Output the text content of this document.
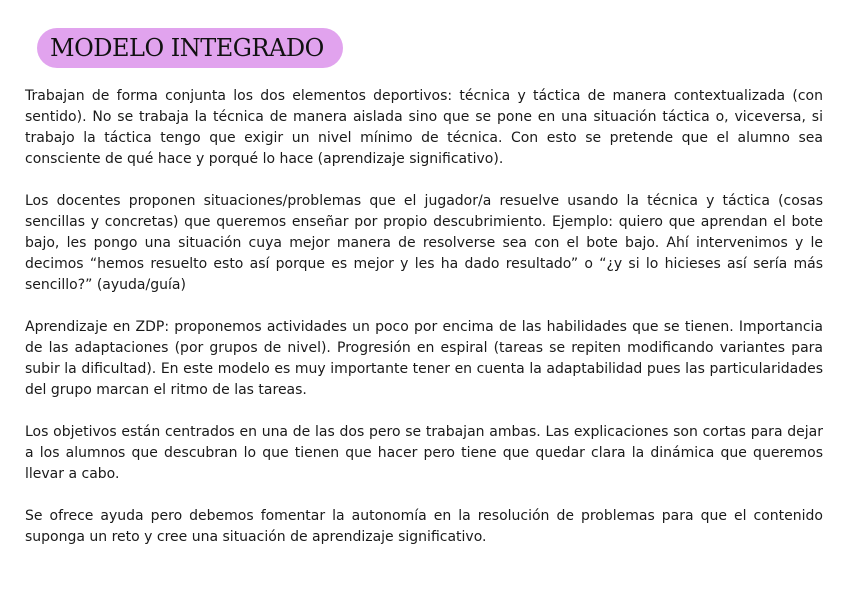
MODELO INTEGRADO

Trabajan de forma conjunta los dos elementos deportivos: técnica y táctica de manera contextualizada (con sentido). No se trabaja la técnica de manera aislada sino que se pone en una situación táctica o, viceversa, si trabajo la táctica tengo que exigir un nivel mínimo de técnica. Con esto se pretende que el alumno sea consciente de qué hace y porqué lo hace (aprendizaje significativo).

Los docentes proponen situaciones/problemas que el jugador/a resuelve usando la técnica y táctica (cosas sencillas y concretas) que queremos enseñar por propio descubrimiento. Ejemplo: quiero que aprendan el bote bajo, les pongo una situación cuya mejor manera de resolverse sea con el bote bajo. Ahí intervenimos y le decimos “hemos resuelto esto así porque es mejor y les ha dado resultado” o “¿y si lo hicieses así sería más sencillo?” (ayuda/guía)

Aprendizaje en ZDP: proponemos actividades un poco por encima de las habilidades que se tienen. Importancia de las adaptaciones (por grupos de nivel). Progresión en espiral (tareas se repiten modificando variantes para subir la dificultad). En este modelo es muy importante tener en cuenta la adaptabilidad pues las particularidades del grupo marcan el ritmo de las tareas.

Los objetivos están centrados en una de las dos pero se trabajan ambas. Las explicaciones son cortas para dejar a los alumnos que descubran lo que tienen que hacer pero tiene que quedar clara la dinámica que queremos llevar a cabo.

Se ofrece ayuda pero debemos fomentar la autonomía en la resolución de problemas para que el contenido suponga un reto y cree una situación de aprendizaje significativo.
